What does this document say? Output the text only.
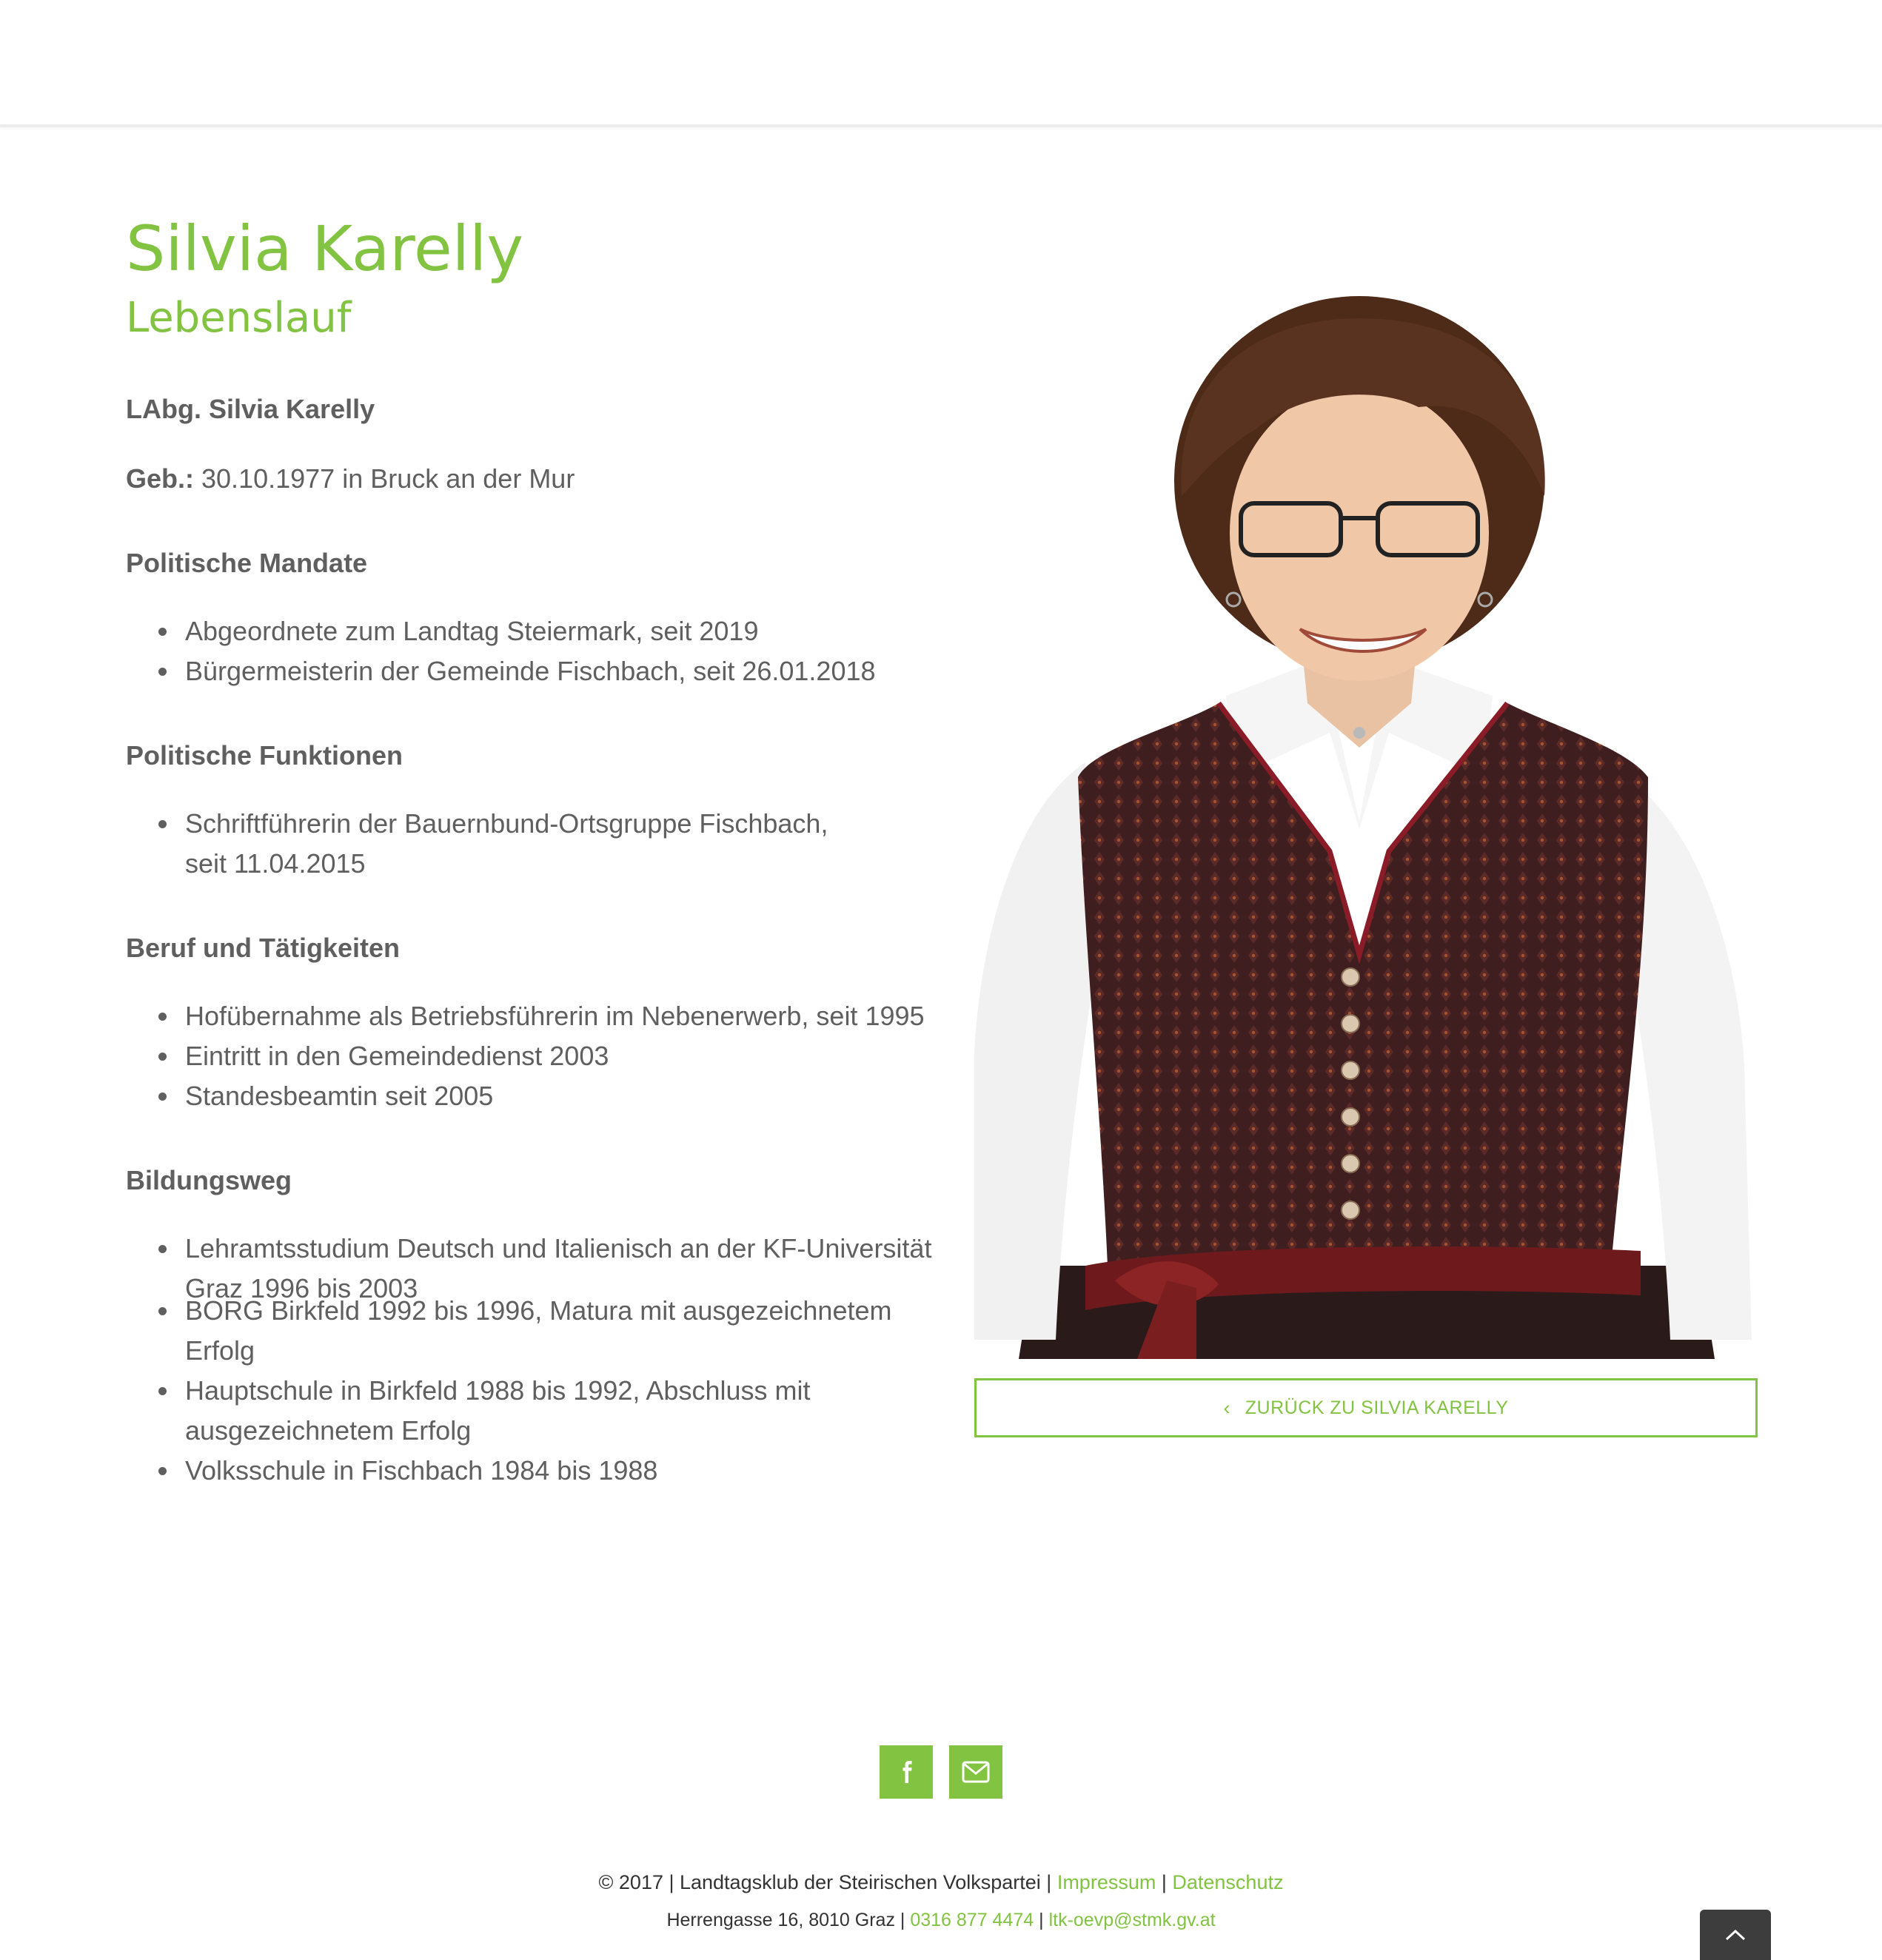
Silvia Karelly
Lebenslauf

LAbg. Silvia Karelly

Geb.: 30.10.1977 in Bruck an der Mur

Politische Mandate
Abgeordnete zum Landtag Steiermark, seit 2019
Bürgermeisterin der Gemeinde Fischbach, seit 26.01.2018
Politische Funktionen
Schriftführerin der Bauernbund-Ortsgruppe Fischbach, seit 11.04.2015
Beruf und Tätigkeiten
Hofübernahme als Betriebsführerin im Nebenerwerb, seit 1995
Eintritt in den Gemeindedienst 2003
Standesbeamtin seit 2005
Bildungsweg
Lehramtsstudium Deutsch und Italienisch an der KF-Universität Graz 1996 bis 2003
BORG Birkfeld 1992 bis 1996, Matura mit ausgezeichnetem Erfolg
Hauptschule in Birkfeld 1988 bis 1992, Abschluss mit ausgezeichnetem Erfolg
Volksschule in Fischbach 1984 bis 1988
‹ ZURÜCK ZU SILVIA KARELLY
© 2017 | Landtagsklub der Steirischen Volkspartei | Impressum | Datenschutz
Herrengasse 16, 8010 Graz | 0316 877 4474 | ltk-oevp@stmk.gv.at
